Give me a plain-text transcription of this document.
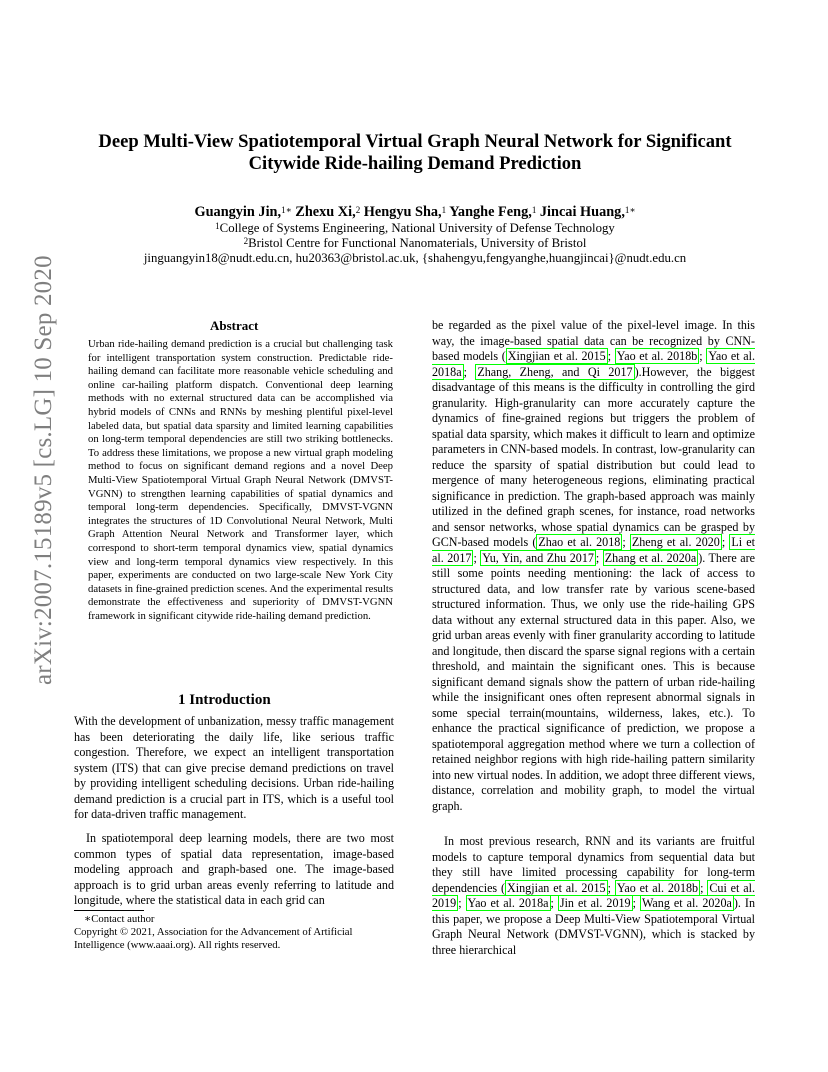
arXiv:2007.15189v5 [cs.LG] 10 Sep 2020
Deep Multi-View Spatiotemporal Virtual Graph Neural Network for Significant
Citywide Ride-hailing Demand Prediction
Guangyin Jin,$^{1∗}$ Zhexu Xi,$^2$ Hengyu Sha,$^1$ Yanghe Feng,$^1$ Jincai Huang,$^{1∗}$
$^1$College of Systems Engineering, National University of Defense Technology
$^2$Bristol Centre for Functional Nanomaterials, University of Bristol
jinguangyin18@nudt.edu.cn, hu20363@bristol.ac.uk, {shahengyu,fengyanghe,huangjincai}@nudt.edu.cn
Abstract
Urban ride-hailing demand prediction is a crucial but challenging task for intelligent transportation system construction. Predictable ride-hailing demand can facilitate more reasonable vehicle scheduling and online car-hailing platform dispatch. Conventional deep learning methods with no external structured data can be accomplished via hybrid models of CNNs and RNNs by meshing plentiful pixel-level labeled data, but spatial data sparsity and limited learning capabilities on long-term temporal dependencies are still two striking bottlenecks. To address these limitations, we propose a new virtual graph modeling method to focus on significant demand regions and a novel Deep Multi-View Spatiotemporal Virtual Graph Neural Network (DMVST-VGNN) to strengthen learning capabilities of spatial dynamics and temporal long-term dependencies. Specifically, DMVST-VGNN integrates the structures of 1D Convolutional Neural Network, Multi Graph Attention Neural Network and Transformer layer, which correspond to short-term temporal dynamics view, spatial dynamics view and long-term temporal dynamics view respectively. In this paper, experiments are conducted on two large-scale New York City datasets in fine-grained prediction scenes. And the experimental results demonstrate the effectiveness and superiority of DMVST-VGNN framework in significant citywide ride-hailing demand prediction.
1 Introduction
With the development of unbanization, messy traffic management has been deteriorating the daily life, like serious traffic congestion. Therefore, we expect an intelligent transportation system (ITS) that can give precise demand predictions on travel by providing intelligent scheduling decisions. Urban ride-hailing demand prediction is a crucial part in ITS, which is a useful tool for data-driven traffic management.
In spatiotemporal deep learning models, there are two most common types of spatial data representation, image-based modeling approach and graph-based one. The image-based approach is to grid urban areas evenly referring to latitude and longitude, where the statistical data in each grid can
∗Contact author
Copyright © 2021, Association for the Advancement of Artificial Intelligence (www.aaai.org). All rights reserved.
be regarded as the pixel value of the pixel-level image. In this way, the image-based spatial data can be recognized by CNN-based models ( Xingjian et al. 2015 ; Yao et al. 2018b ; Yao et al. 2018a ; Zhang, Zheng, and Qi 2017 ).However, the biggest disadvantage of this means is the difficulty in controlling the gird granularity. High-granularity can more accurately capture the dynamics of fine-grained regions but triggers the problem of spatial data sparsity, which makes it difficult to learn and optimize parameters in CNN-based models. In contrast, low-granularity can reduce the sparsity of spatial distribution but could lead to mergence of many heterogeneous regions, eliminating practical significance in prediction. The graph-based approach was mainly utilized in the defined graph scenes, for instance, road networks and sensor networks, whose spatial dynamics can be grasped by GCN-based models ( Zhao et al. 2018 ; Zheng et al. 2020 ; Li et al. 2017 ; Yu, Yin, and Zhu 2017 ; Zhang et al. 2020a ). There are still some points needing mentioning: the lack of access to structured data, and low transfer rate by various scene-based structured information. Thus, we only use the ride-hailing GPS data without any external structured data in this paper. Also, we grid urban areas evenly with finer granularity according to latitude and longitude, then discard the sparse signal regions with a certain threshold, and maintain the significant ones. This is because significant demand signals show the pattern of urban ride-hailing while the insignificant ones often represent abnormal signals in some special terrain(mountains, wilderness, lakes, etc.). To enhance the practical significance of prediction, we propose a spatiotemporal aggregation method where we turn a collection of retained neighbor regions with high ride-hailing pattern similarity into new virtual nodes. In addition, we adopt three different views, distance, correlation and mobility graph, to model the virtual graph.
In most previous research, RNN and its variants are fruitful models to capture temporal dynamics from sequential data but they still have limited processing capability for long-term dependencies ( Xingjian et al. 2015 ; Yao et al. 2018b ; Cui et al. 2019 ; Yao et al. 2018a ; Jin et al. 2019 ; Wang et al. 2020a ). In this paper, we propose a Deep Multi-View Spatiotemporal Virtual Graph Neural Network (DMVST-VGNN), which is stacked by three hierarchical
